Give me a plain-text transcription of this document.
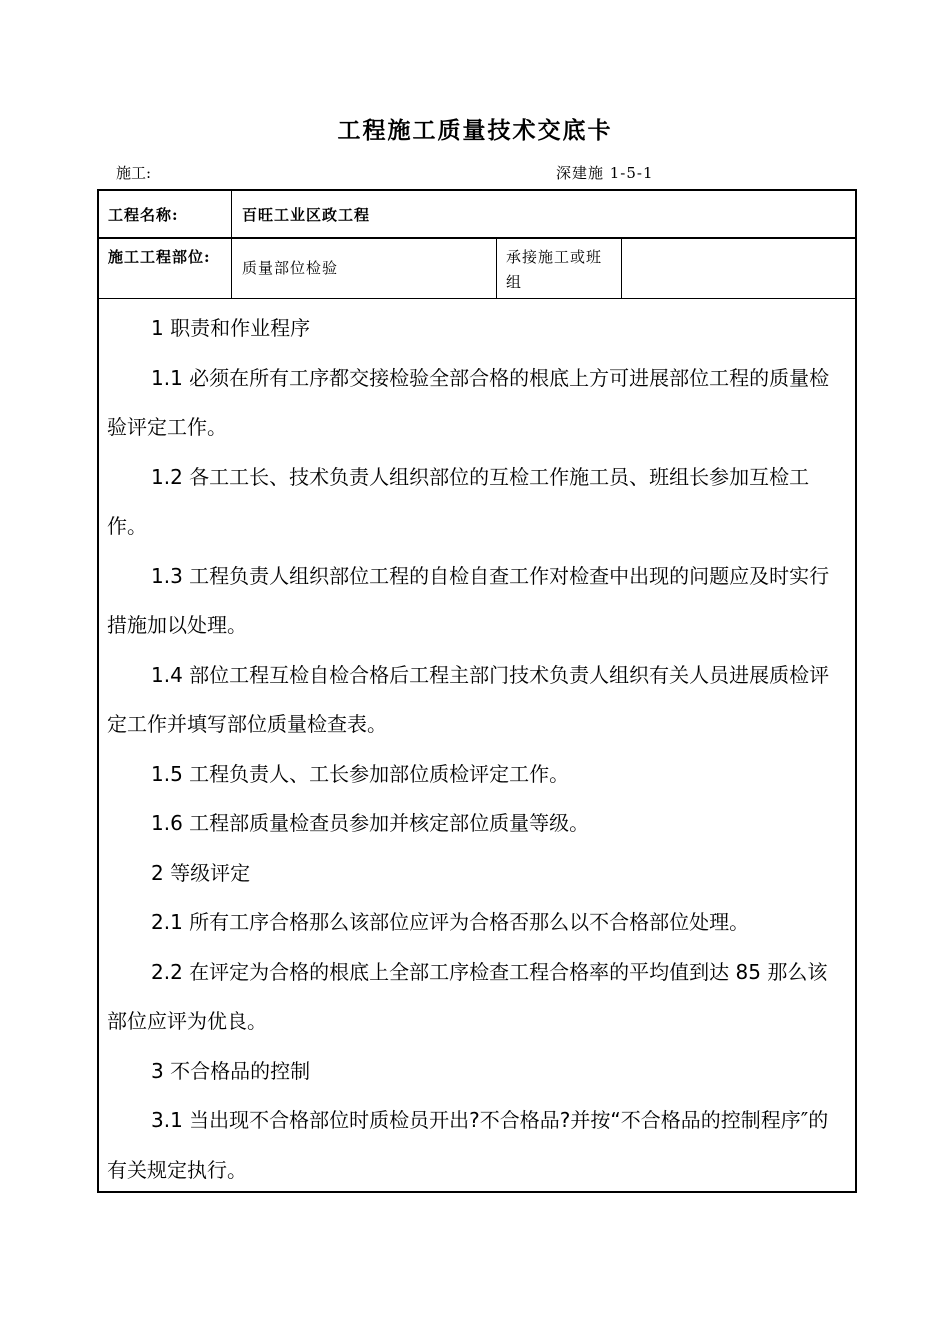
工程施工质量技术交底卡
施工:	深建施 1-5-1
工程名称:	百旺工业区政工程
施工工程部位:
质量部位检验
承接施工或班组

1 职责和作业程序

1.1 必须在所有工序都交接检验全部合格的根底上方可进展部位工程的质量检验评定工作。

1.2 各工工长、技术负责人组织部位的互检工作施工员、班组长参加互检工作。

1.3 工程负责人组织部位工程的自检自查工作对检查中出现的问题应及时实行措施加以处理。

1.4 部位工程互检自检合格后工程主部门技术负责人组织有关人员进展质检评定工作并填写部位质量检查表。

1.5 工程负责人、工长参加部位质检评定工作。

1.6 工程部质量检查员参加并核定部位质量等级。

2 等级评定

2.1 所有工序合格那么该部位应评为合格否那么以不合格部位处理。

2.2 在评定为合格的根底上全部工序检查工程合格率的平均值到达 85 那么该部位应评为优良。

3 不合格品的控制

3.1 当出现不合格部位时质检员开出?不合格品?并按“不合格品的控制程序″的有关规定执行。
